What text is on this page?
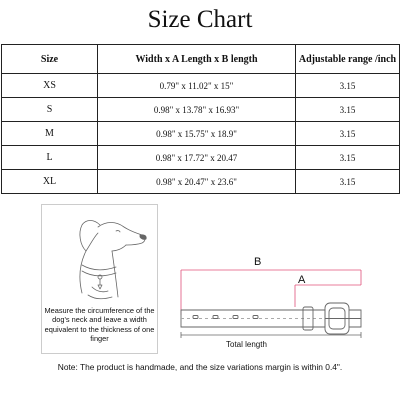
Size Chart
Size	Width x A Length x B length	Adjustable range /inch
XS	0.79" x 11.02" x 15"	3.15
S	0.98" x 13.78" x 16.93"	3.15
M	0.98" x 15.75" x 18.9"	3.15
L	0.98" x 17.72" x 20.47	3.15
XL	0.98" x 20.47" x 23.6"	3.15
Measure the circumference of the dog's neck and leave a width equivalent to the thickness of one finger
B
A
Total length
Note: The product is handmade, and the size variations margin is within 0.4".
